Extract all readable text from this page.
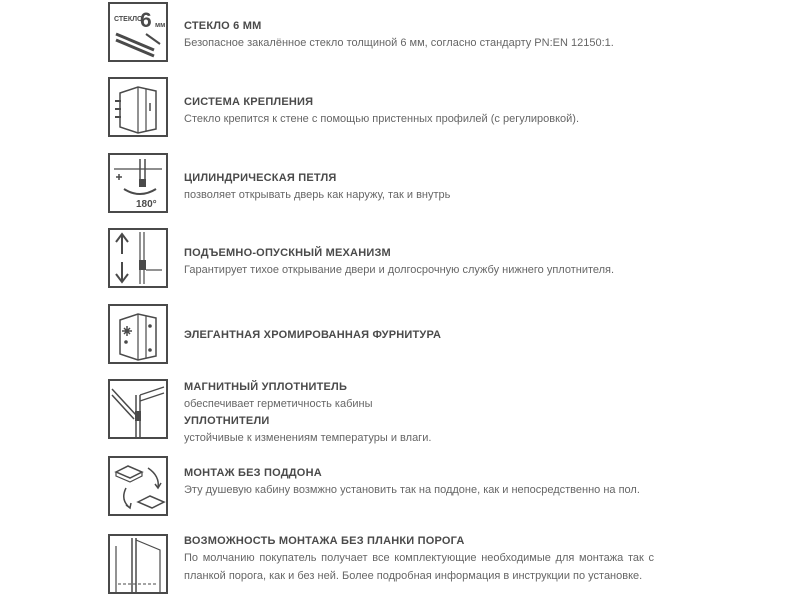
СТЕКЛО
6 мм СТЕКЛО 6 ММ
Безопасное закалённое стекло толщиной 6 мм, согласно стандарту PN:EN 12150:1.
СИСТЕМА КРЕПЛЕНИЯ
Стекло крепится к стене с помощью пристенных профилей (с регулировкой).
180°
ЦИЛИНДРИЧЕСКАЯ ПЕТЛЯ
позволяет открывать дверь как наружу, так и внутрь
ПОДЪЕМНО-ОПУСКНЫЙ МЕХАНИЗМ
Гарантирует тихое открывание двери и долгосрочную службу нижнего уплотнителя.
ЭЛЕГАНТНАЯ ХРОМИРОВАННАЯ ФУРНИТУРА
МАГНИТНЫЙ УПЛОТНИТЕЛЬ
обеспечивает герметичность кабины
УПЛОТНИТЕЛИ
устойчивые к изменениям температуры и влаги.
МОНТАЖ БЕЗ ПОДДОНА
Эту душевую кабину возмжно установить так на поддоне, как и непосредственно на пол.
ВОЗМОЖНОСТЬ МОНТАЖА БЕЗ ПЛАНКИ ПОРОГА
По молчанию покупатель получает все комплектующие необходимые для монтажа так с планкой порога, как и без ней. Более подробная информация в инструкции по установке.
